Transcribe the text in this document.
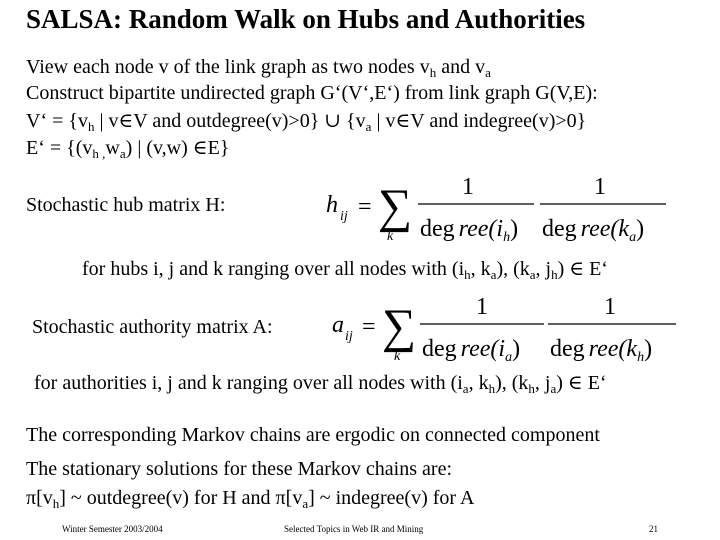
SALSA: Random Walk on Hubs and Authorities
View each node v of the link graph as two nodes $v_h$ and $v_a$
Construct bipartite undirected graph G‘(V‘,E‘) from link graph G(V,E):
V‘ = {$v_h$ | v∈V and outdegree(v)>0} ∪ {$v_a$ | v∈V and indegree(v)>0}
E‘ = {$(v_{h ,}w_a)$ | (v,w) ∈E}
Stochastic hub matrix H:	h ij = ∑
k
1
deg $ree(i_h)$
1
deg $ree(k_a)$
for hubs i, j and k ranging over all nodes with ($i_h$, $k_a$), ($k_a$, $j_h$) ∈ E‘
Stochastic authority matrix A: a ij = ∑
k
1
deg $ree(i_a)$
1
deg $ree(k_h)$
for authorities i, j and k ranging over all nodes with ($i_a$, $k_h$), ($k_h$, $j_a$) ∈ E‘
The corresponding Markov chains are ergodic on connected component
The stationary solutions for these Markov chains are:
$\pi[v_h]$ ~ outdegree(v) for H and $\pi[v_a]$ ~ indegree(v) for A
Winter Semester 2003/2004	Selected Topics in Web IR and Mining	21
